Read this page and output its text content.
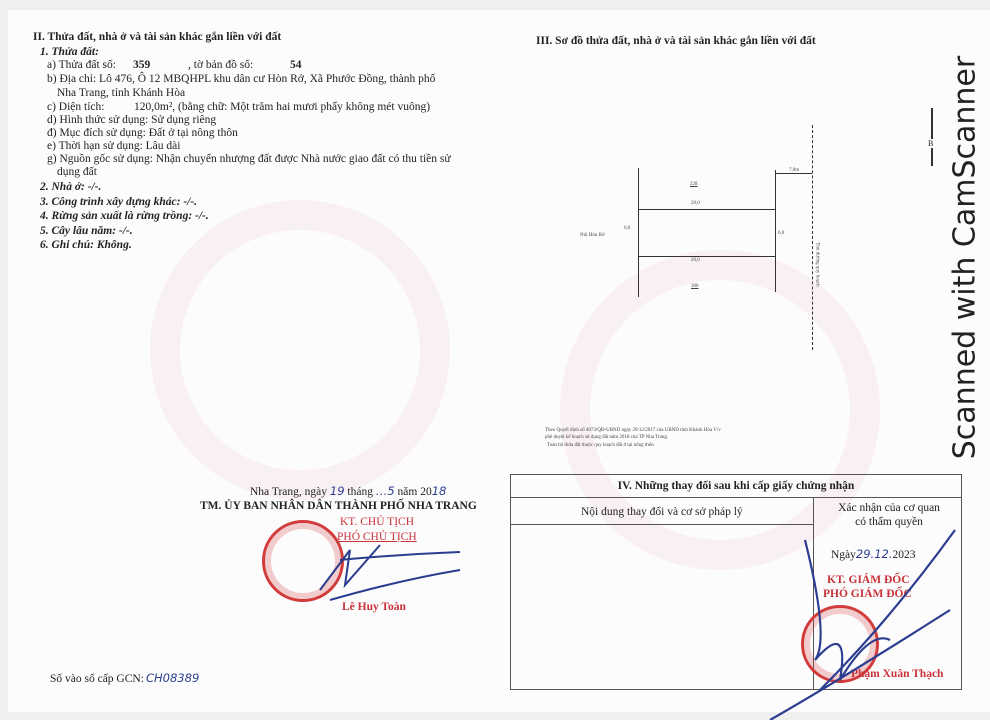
II. Thửa đất, nhà ở và tài sản khác gắn liền với đất
1. Thửa đất:
a) Thửa đất số: 359	, tờ bản đồ số:	54
b) Địa chỉ: Lô 476, Ô 12 MBQHPL khu dân cư Hòn Rớ, Xã Phước Đồng, thành phố
Nha Trang, tỉnh Khánh Hòa
c) Diện tích:	120,0m², (bằng chữ: Một trăm hai mươi phẩy không mét vuông)
d) Hình thức sử dụng: Sử dụng riêng
đ) Mục đích sử dụng: Đất ở tại nông thôn
e) Thời hạn sử dụng: Lâu dài
g) Nguồn gốc sử dụng: Nhận chuyển nhượng đất được Nhà nước giao đất có thu tiền sử
dụng đất
2. Nhà ở: -/-.
3. Công trình xây dựng khác: -/-.
4. Rừng sản xuất là rừng trồng: -/-.
5. Cây lâu năm: -/-.
6. Ghi chú: Không.
Nha Trang, ngày 19 tháng …5 năm 2018
TM. ỦY BAN NHÂN DÂN THÀNH PHỐ NHA TRANG
KT. CHỦ TỊCH
PHÓ CHỦ TỊCH
Lê Huy Toàn
Số vào sổ cấp GCN: CH08389
III. Sơ đồ thửa đất, nhà ở và tài sản khác gắn liền với đất
B
228
20,0
20,0
6,0
6,0
Núi Hòn Rớ
300
7,0m
Tim đường quy hoạch
Theo Quyết định số 4073/QĐ-UBND ngày 29/12/2017 của UBND tỉnh Khánh Hòa V/v
phê duyệt kế hoạch sử dụng đất năm 2018 của TP Nha Trang.
Toàn bộ thửa đất thuộc quy hoạch đất ở tại nông thôn
IV. Những thay đổi sau khi cấp giấy chứng nhận
Nội dung thay đổi và cơ sở pháp lý	Xác nhận của cơ quan
có thẩm quyền
Ngày29.12.2023
KT. GIÁM ĐỐC
PHÓ GIÁM ĐỐC
Phạm Xuân Thạch
Scanned with CamScanner
